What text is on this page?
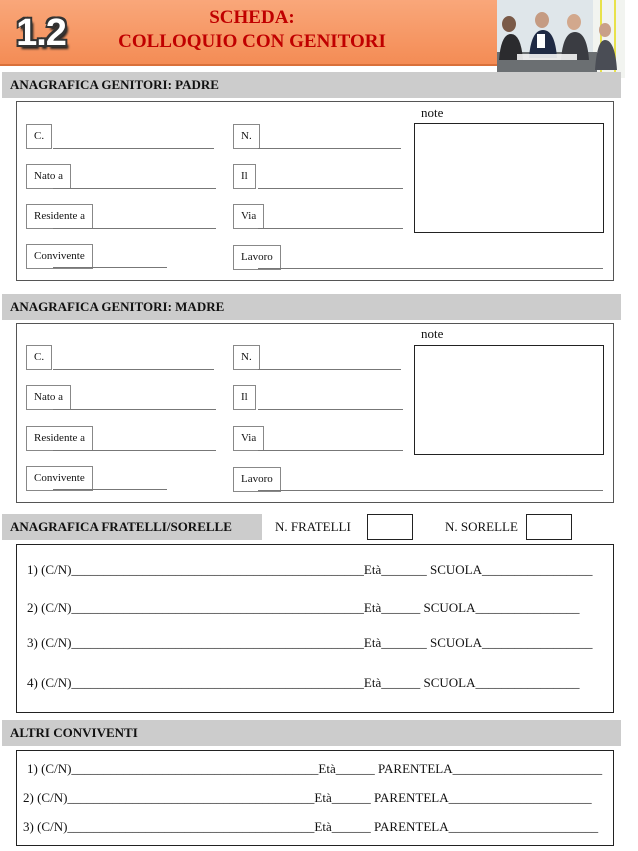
1.2	SCHEDA:
COLLOQUIO CON GENITORI
ANAGRAFICA GENITORI: PADRE
note
C.	N.
Nato a	Il
Residente a	Via
Convivente	Lavoro
ANAGRAFICA GENITORI: MADRE
note
C.	N.
Nato a	Il
Residente a	Via
Convivente	Lavoro
ANAGRAFICA FRATELLI/SORELLE	N. FRATELLI	N. SORELLE
1) (C/N)_____________________________________________Età_______ SCUOLA_________________
2) (C/N)_____________________________________________Età______ SCUOLA________________
3) (C/N)_____________________________________________Età_______ SCUOLA_________________
4) (C/N)_____________________________________________Età______ SCUOLA________________
ALTRI CONVIVENTI
1) (C/N)______________________________________Età______ PARENTELA_______________________
2) (C/N)______________________________________Età______ PARENTELA______________________
3) (C/N)______________________________________Età______ PARENTELA_______________________
